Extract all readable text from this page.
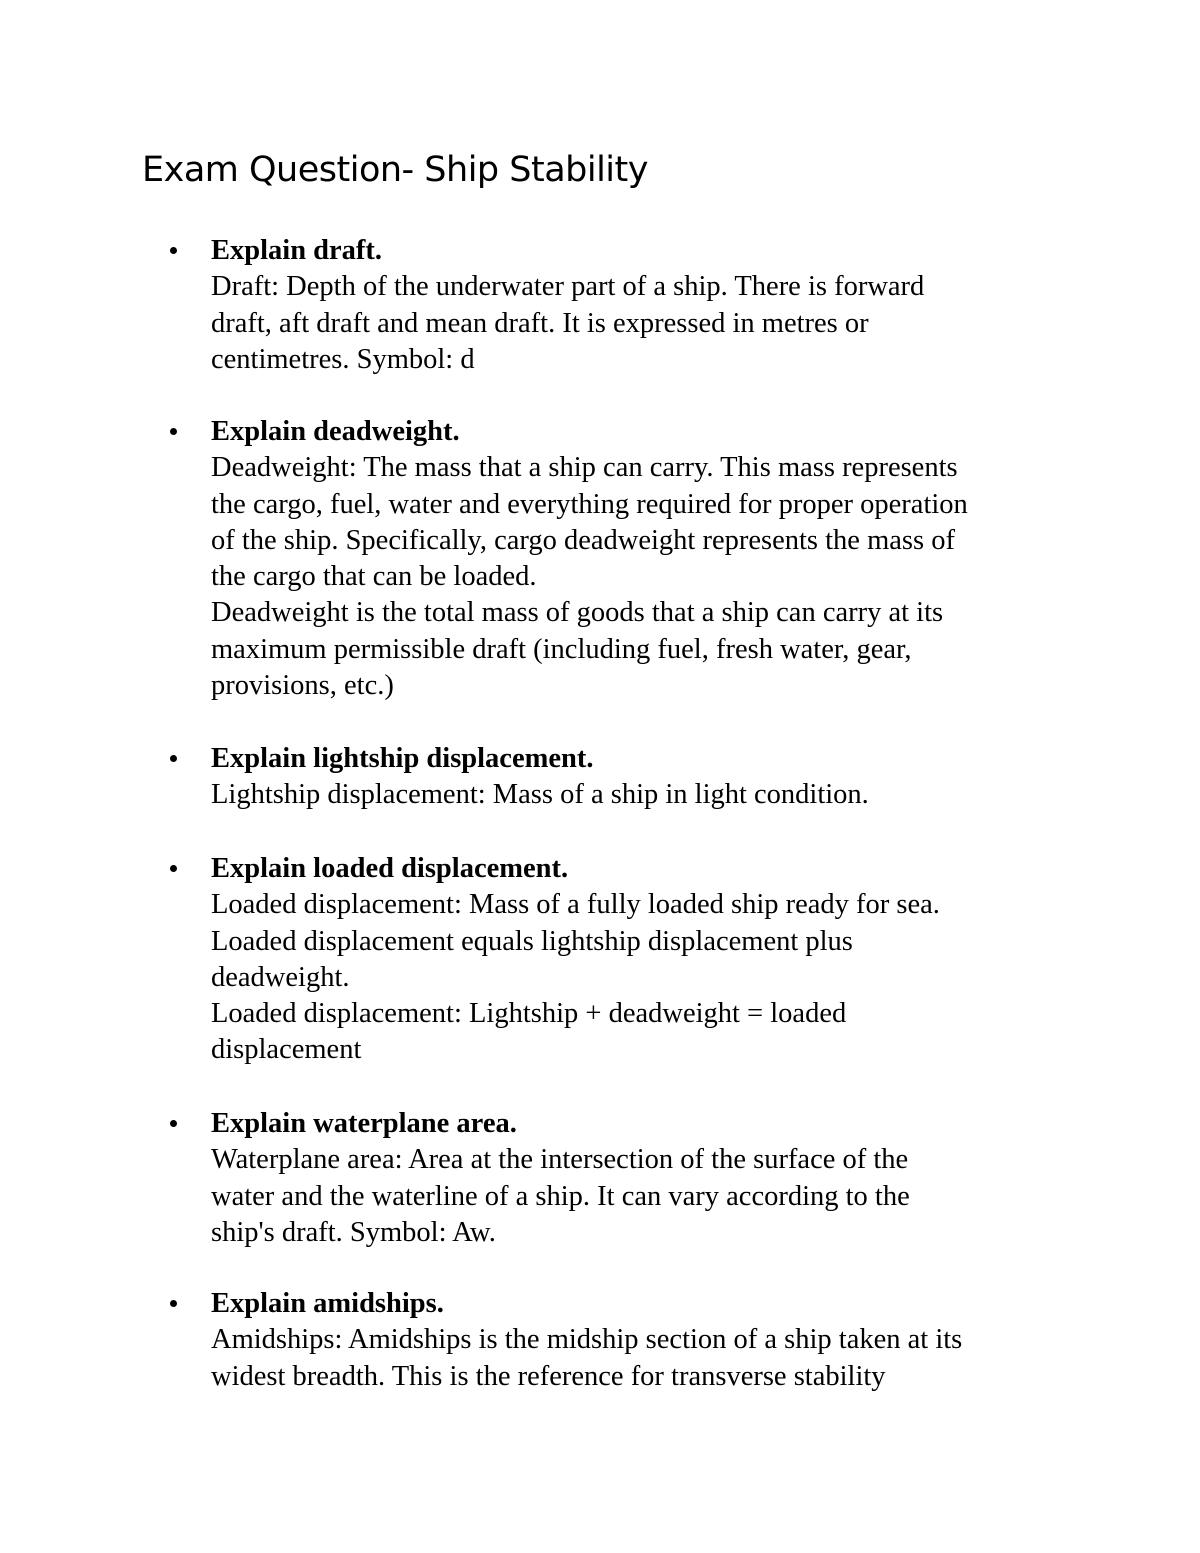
Exam Question- Ship Stability
Explain draft.
Draft: Depth of the underwater part of a ship. There is forward
draft, aft draft and mean draft. It is expressed in metres or
centimetres. Symbol: d
Explain deadweight.
Deadweight: The mass that a ship can carry. This mass represents
the cargo, fuel, water and everything required for proper operation
of the ship. Specifically, cargo deadweight represents the mass of
the cargo that can be loaded.
Deadweight is the total mass of goods that a ship can carry at its
maximum permissible draft (including fuel, fresh water, gear,
provisions, etc.)
Explain lightship displacement.
Lightship displacement: Mass of a ship in light condition.
Explain loaded displacement.
Loaded displacement: Mass of a fully loaded ship ready for sea.
Loaded displacement equals lightship displacement plus
deadweight.
Loaded displacement: Lightship + deadweight = loaded
displacement
Explain waterplane area.
Waterplane area: Area at the intersection of the surface of the
water and the waterline of a ship. It can vary according to the
ship's draft. Symbol: Aw.
Explain amidships.
Amidships: Amidships is the midship section of a ship taken at its
widest breadth. This is the reference for transverse stability
